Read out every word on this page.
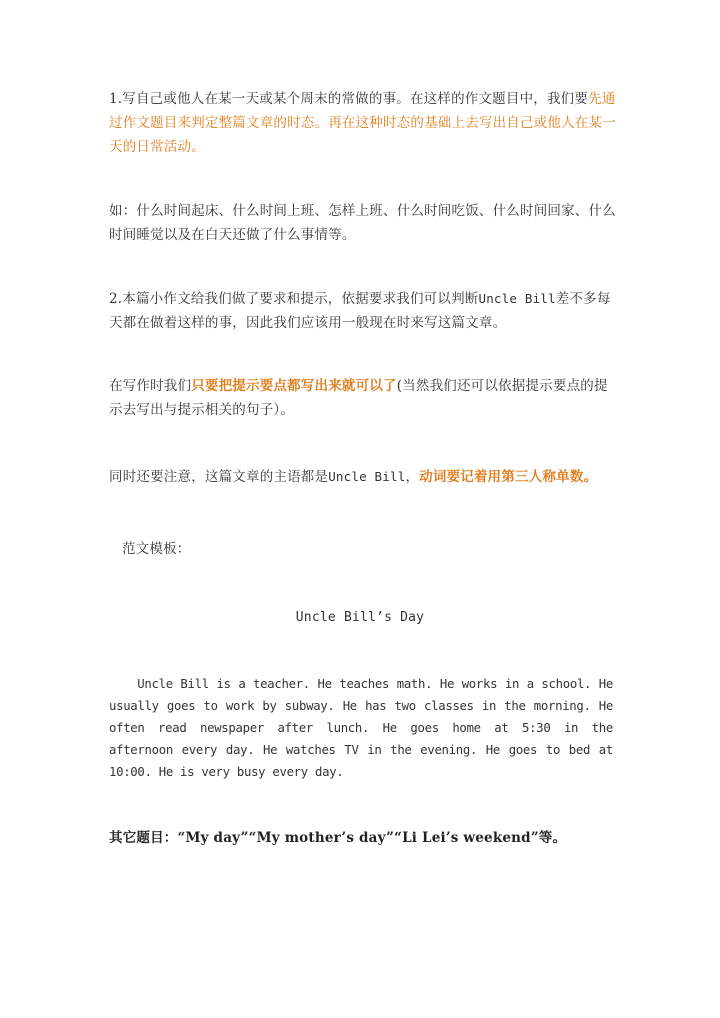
1.写自己或他人在某一天或某个周末的常做的事。在这样的作文题目中，我们要先通过作文题目来判定整篇文章的时态。再在这种时态的基础上去写出自己或他人在某一天的日常活动。

如：什么时间起床、什么时间上班、怎样上班、什么时间吃饭、什么时间回家、什么时间睡觉以及在白天还做了什么事情等。

2.本篇小作文给我们做了要求和提示，依据要求我们可以判断Uncle Bill差不多每天都在做着这样的事，因此我们应该用一般现在时来写这篇文章。

在写作时我们只要把提示要点都写出来就可以了(当然我们还可以依据提示要点的提示去写出与提示相关的句子）。

同时还要注意，这篇文章的主语都是Uncle Bill，动词要记着用第三人称单数。

范文模板：

Uncle Bill’s Day

Uncle Bill is a teacher. He teaches math. He works in a school. He usually goes to work by subway. He has two classes in the morning. He often read newspaper after lunch. He goes home at 5:30 in the afternoon every day. He watches TV in the evening. He goes to bed at 10:00. He is very busy every day.

其它题目：“My day”“My mother’s day”“Li Lei’s weekend”等。
